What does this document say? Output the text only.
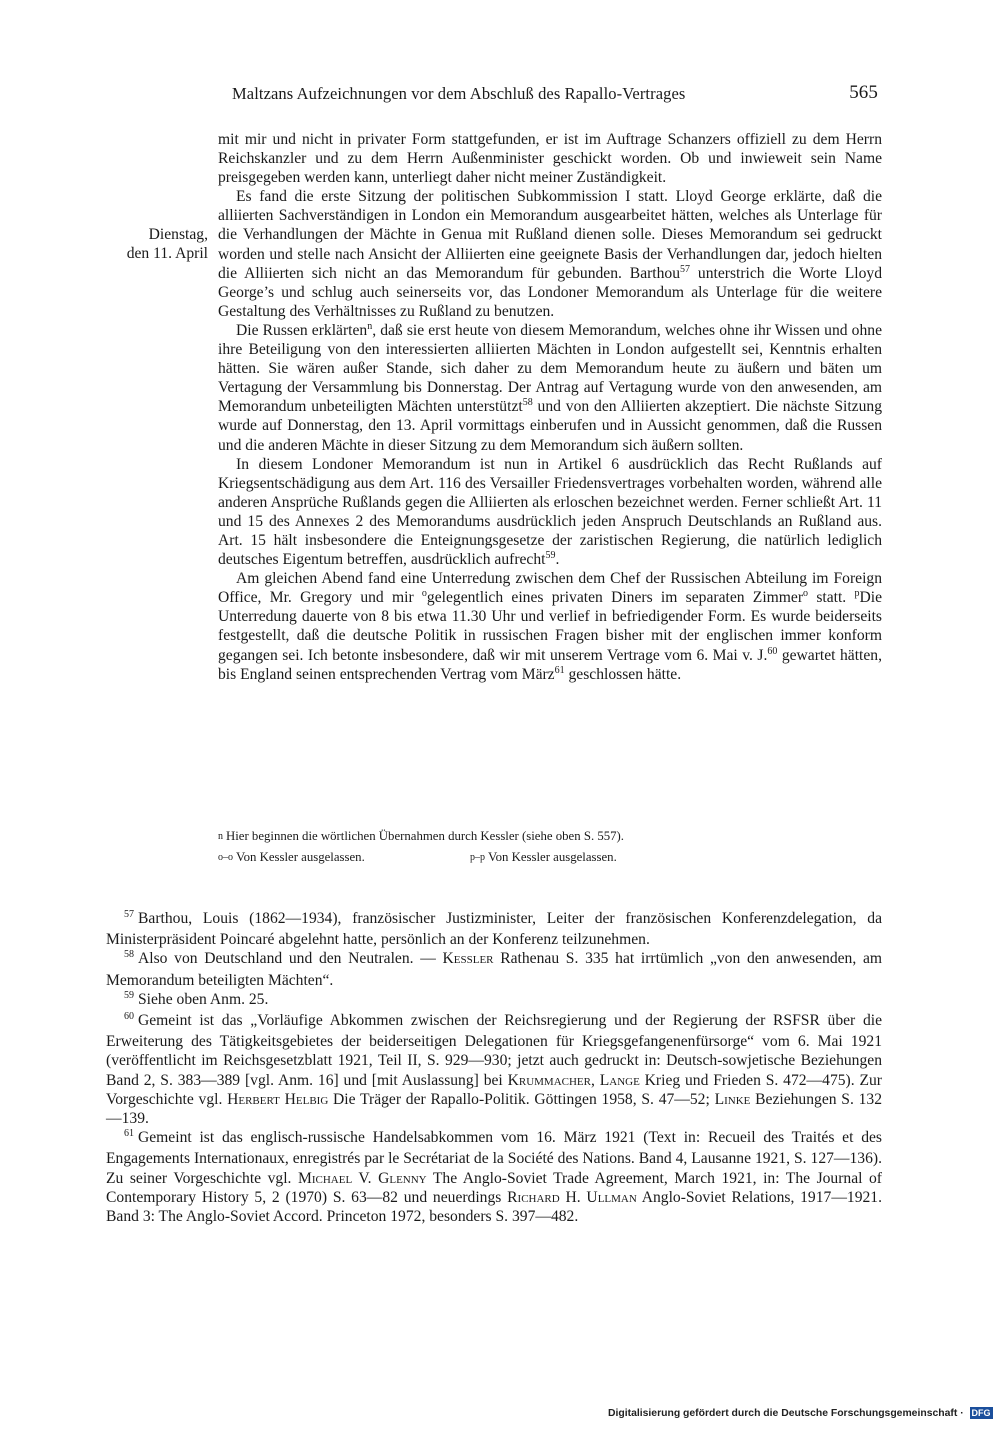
Maltzans Aufzeichnungen vor dem Abschluß des Rapallo-Vertrages	565
Dienstag,
den 11. April

mit mir und nicht in privater Form stattgefunden, er ist im Auftrage Schanzers offiziell zu dem Herrn Reichskanzler und zu dem Herrn Außenminister geschickt worden. Ob und inwieweit sein Name preisgegeben werden kann, unterliegt daher nicht meiner Zuständigkeit.

Es fand die erste Sitzung der politischen Subkommission I statt. Lloyd George erklärte, daß die alliierten Sachverständigen in London ein Memorandum ausgearbeitet hätten, welches als Unterlage für die Verhandlungen der Mächte in Genua mit Rußland dienen solle. Dieses Memorandum sei gedruckt worden und stelle nach Ansicht der Alliierten eine geeignete Basis der Verhandlungen dar, jedoch hielten die Alliierten sich nicht an das Memorandum für gebunden. Barthou$^{57}$ unterstrich die Worte Lloyd George’s und schlug auch seinerseits vor, das Londoner Memorandum als Unterlage für die weitere Gestaltung des Verhältnisses zu Rußland zu benutzen.

Die Russen erklärten$^n$, daß sie erst heute von diesem Memorandum, welches ohne ihr Wissen und ohne ihre Beteiligung von den interessierten alliierten Mächten in London aufgestellt sei, Kenntnis erhalten hätten. Sie wären außer Stande, sich daher zu dem Memorandum heute zu äußern und bäten um Vertagung der Versammlung bis Donnerstag. Der Antrag auf Vertagung wurde von den anwesenden, am Memorandum unbeteiligten Mächten unterstützt$^{58}$ und von den Alliierten akzeptiert. Die nächste Sitzung wurde auf Donnerstag, den 13. April vormittags einberufen und in Aussicht genommen, daß die Russen und die anderen Mächte in dieser Sitzung zu dem Memorandum sich äußern sollten.

In diesem Londoner Memorandum ist nun in Artikel 6 ausdrücklich das Recht Rußlands auf Kriegsentschädigung aus dem Art. 116 des Versailler Friedensvertrages vorbehalten worden, während alle anderen Ansprüche Rußlands gegen die Alliierten als erloschen bezeichnet werden. Ferner schließt Art. 11 und 15 des Annexes 2 des Memorandums ausdrücklich jeden Anspruch Deutschlands an Rußland aus. Art. 15 hält insbesondere die Enteignungsgesetze der zaristischen Regierung, die natürlich lediglich deutsches Eigentum betreffen, ausdrücklich aufrecht$^{59}$.

Am gleichen Abend fand eine Unterredung zwischen dem Chef der Russischen Abteilung im Foreign Office, Mr. Gregory und mir $^o$gelegentlich eines privaten Diners im separaten Zimmer$^o$ statt. $^p$Die Unterredung dauerte von 8 bis etwa 11.30 Uhr und verlief in befriedigender Form. Es wurde beiderseits festgestellt, daß die deutsche Politik in russischen Fragen bisher mit der englischen immer konform gegangen sei. Ich betonte insbesondere, daß wir mit unserem Vertrage vom 6. Mai v. J.$^{60}$ gewartet hätten, bis England seinen entsprechenden Vertrag vom März$^{61}$ geschlossen hätte.

n Hier beginnen die wörtlichen Übernahmen durch Kessler (siehe oben S. 557).
o–o Von Kessler ausgelassen.	p–p Von Kessler ausgelassen.

$^{57}$ Barthou, Louis (1862—1934), französischer Justizminister, Leiter der französischen Konferenzdelegation, da Ministerpräsident Poincaré abgelehnt hatte, persönlich an der Konferenz teilzunehmen.

$^{58}$ Also von Deutschland und den Neutralen. — Kessler Rathenau S. 335 hat irrtümlich „von den anwesenden, am Memorandum beteiligten Mächten“.

$^{59}$ Siehe oben Anm. 25.

$^{60}$ Gemeint ist das „Vorläufige Abkommen zwischen der Reichsregierung und der Regierung der RSFSR über die Erweiterung des Tätigkeitsgebietes der beiderseitigen Delegationen für Kriegsgefangenenfürsorge“ vom 6. Mai 1921 (veröffentlicht im Reichsgesetzblatt 1921, Teil II, S. 929—930; jetzt auch gedruckt in: Deutsch-sowjetische Beziehungen Band 2, S. 383—389 [vgl. Anm. 16] und [mit Auslassung] bei Krummacher, Lange Krieg und Frieden S. 472—475). Zur Vorgeschichte vgl. Herbert Helbig Die Träger der Rapallo-Politik. Göttingen 1958, S. 47—52; Linke Beziehungen S. 132—139.

$^{61}$ Gemeint ist das englisch-russische Handelsabkommen vom 16. März 1921 (Text in: Recueil des Traités et des Engagements Internationaux, enregistrés par le Secrétariat de la Société des Nations. Band 4, Lausanne 1921, S. 127—136). Zu seiner Vorgeschichte vgl. Michael V. Glenny The Anglo-Soviet Trade Agreement, March 1921, in: The Journal of Contemporary History 5, 2 (1970) S. 63—82 und neuerdings Richard H. Ullman Anglo-Soviet Relations, 1917—1921. Band 3: The Anglo-Soviet Accord. Princeton 1972, besonders S. 397—482.

Digitalisierung gefördert durch die Deutsche Forschungsgemeinschaft · DFG
